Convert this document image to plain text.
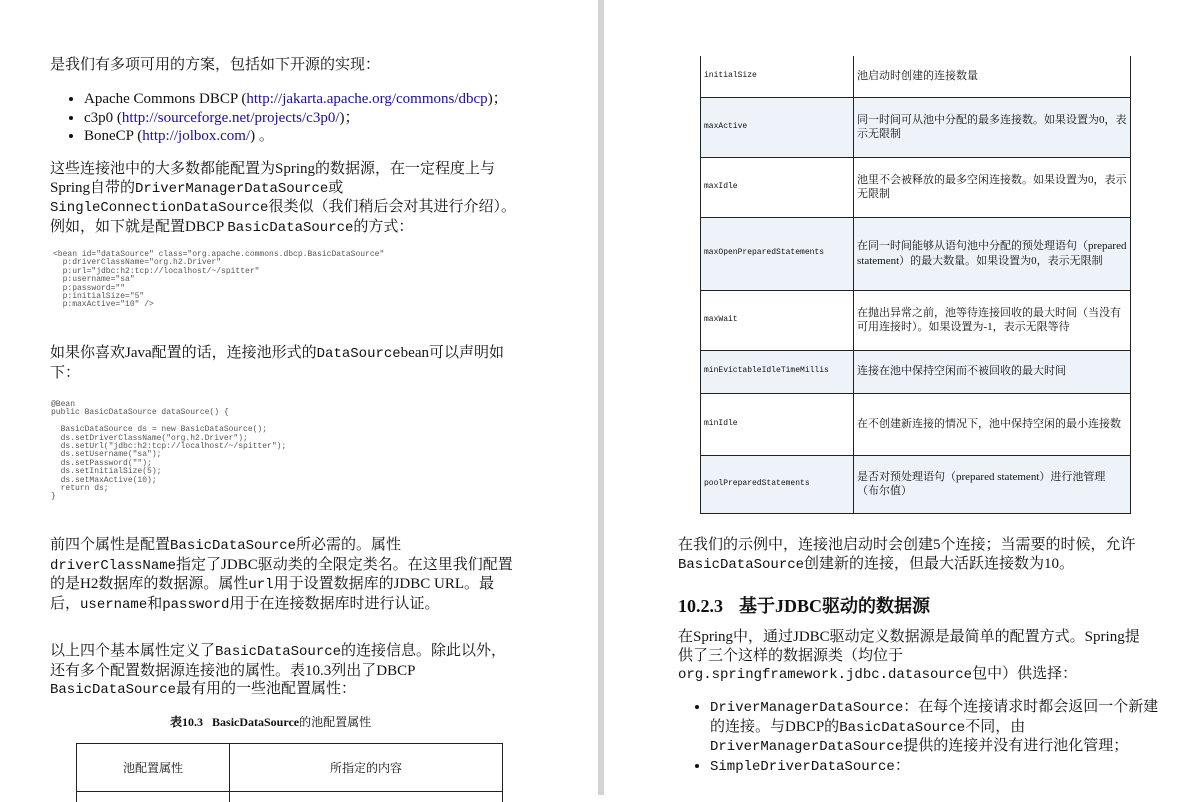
是我们有多项可用的方案，包括如下开源的实现：
• Apache Commons DBCP (http://jakarta.apache.org/commons/dbcp)；
• c3p0 (http://sourceforge.net/projects/c3p0/)；
• BoneCP (http://jolbox.com/) 。

这些连接池中的大多数都能配置为Spring的数据源，在一定程度上与Spring自带的DriverManagerDataSource或SingleConnectionDataSource很类似（我们稍后会对其进行介绍）。例如，如下就是配置DBCP BasicDataSource的方式：

<bean id="dataSource" class="org.apache.commons.dbcp.BasicDataSource"
p:driverClassName="org.h2.Driver"
p:url="jdbc:h2:tcp://localhost/~/spitter"
p:username="sa"
p:password=""
p:initialSize="5"
p:maxActive="10" />

如果你喜欢Java配置的话，连接池形式的DataSourcebean可以声明如下：

@Bean
public BasicDataSource dataSource() {
BasicDataSource ds = new BasicDataSource();
ds.setDriverClassName("org.h2.Driver");
ds.setUrl("jdbc:h2:tcp://localhost/~/spitter");
ds.setUsername("sa");
ds.setPassword("");
ds.setInitialSize(5);
ds.setMaxActive(10);
return ds;
}

前四个属性是配置BasicDataSource所必需的。属性driverClassName指定了JDBC驱动类的全限定类名。在这里我们配置的是H2数据库的数据源。属性url用于设置数据库的JDBC URL。最后，username和password用于在连接数据库时进行认证。

以上四个基本属性定义了BasicDataSource的连接信息。除此以外，还有多个配置数据源连接池的属性。表10.3列出了DBCP BasicDataSource最有用的一些池配置属性：

表10.3 BasicDataSource的池配置属性
池配置属性	所指定的内容

initialSize	池启动时创建的连接数量
maxActive	同一时间可从池中分配的最多连接数。如果设置为0，表示无限制
maxIdle	池里不会被释放的最多空闲连接数。如果设置为0，表示无限制
maxOpenPreparedStatements	在同一时间能够从语句池中分配的预处理语句（prepared statement）的最大数量。如果设置为0，表示无限制
maxWait	在抛出异常之前，池等待连接回收的最大时间（当没有可用连接时）。如果设置为-1，表示无限等待
minEvictableIdleTimeMillis	连接在池中保持空闲而不被回收的最大时间
minIdle	在不创建新连接的情况下，池中保持空闲的最小连接数
poolPreparedStatements	是否对预处理语句（prepared statement）进行池管理（布尔值）

在我们的示例中，连接池启动时会创建5个连接；当需要的时候，允许BasicDataSource创建新的连接，但最大活跃连接数为10。

10.2.3 基于JDBC驱动的数据源

在Spring中，通过JDBC驱动定义数据源是最简单的配置方式。Spring提供了三个这样的数据源类（均位于org.springframework.jdbc.datasource包中）供选择：

• DriverManagerDataSource：在每个连接请求时都会返回一个新建的连接。与DBCP的BasicDataSource不同，由DriverManagerDataSource提供的连接并没有进行池化管理；
• SimpleDriverDataSource：
